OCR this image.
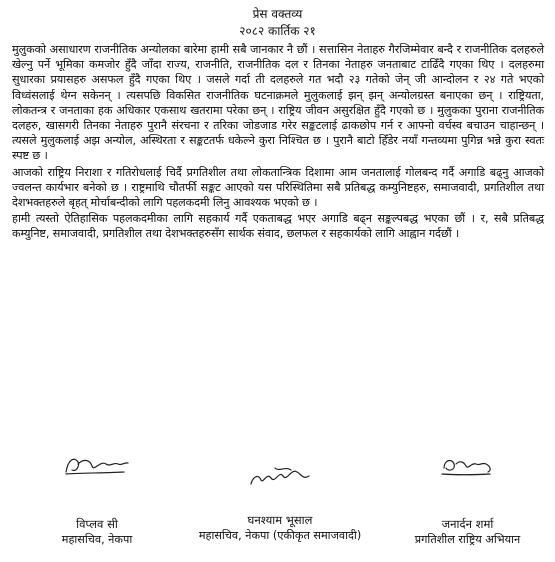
प्रेस वक्तव्य
२०८२ कार्तिक २१

मुलुकको असाधारण राजनीतिक अन्योलका बारेमा हामी सबै जानकार नै छौं । सत्तासिन नेताहरु गैरजिम्मेवार बन्दै र राजनीतिक दलहरुले खेल्नु पर्ने भूमिका कमजोर हुँदै जाँदा राज्य, राजनीति, राजनीतिक दल र तिनका नेताहरु जनताबाट टाढिँदै गएका थिए । दलहरुमा सुधारका प्रयासहरु असफल हुँदै गएका थिए । जसले गर्दा ती दलहरुले गत भदौ २३ गतेको जेन् जी आन्दोलन र २४ गते भएको विध्वंसलाई थेग्न सकेनन् । त्यसपछि विकसित राजनीतिक घटनाक्रमले मुलुकलाई झन् झन् अन्योलग्रस्त बनाएका छन् । राष्ट्रियता, लोकतन्त्र र जनताका हक अधिकार एकसाथ खतरामा परेका छन् । राष्ट्रिय जीवन असुरक्षित हुँदै गएको छ । मुलुकका पुराना राजनीतिक दलहरु, खासगरी तिनका नेताहरु पुरानै संरचना र तरिका जोडजाड गरेर सङ्कटलाई ढाकछोप गर्न र आफ्नो वर्चस्व बचाउन चाहान्छन् । त्यसले मुलुकलाई अझ अन्योल, अस्थिरता र सङ्कटतर्फ धकेल्ने कुरा निश्चित छ । पुरानै बाटो हिँडेर नयाँ गन्तव्यमा पुगिन्न भन्ने कुरा स्वतः स्पष्ट छ ।

आजको राष्ट्रिय निराशा र गतिरोधलाई चिर्दै प्रगतिशील तथा लोकतान्त्रिक दिशामा आम जनतालाई गोलबन्द गर्दै अगाडि बढ्नु आजको ज्वलन्त कार्यभार बनेको छ । राष्ट्रमाथि चौतर्फी सङ्कट आएको यस परिस्थितिमा सबै प्रतिबद्ध कम्युनिष्टहरु, समाजवादी, प्रगतिशील तथा देशभक्तहरुले बृहत् मोर्चाबन्दीको लागि पहलकदमी लिनु आवश्यक भएको छ ।

हामी त्यस्तो ऐतिहासिक पहलकदमीका लागि सहकार्य गर्दै एकताबद्ध भएर अगाडि बढ्न सङ्कल्पबद्ध भएका छौं । र, सबै प्रतिबद्ध कम्युनिष्ट, समाजवादी, प्रगतिशील तथा देशभक्तहरुसँग सार्थक संवाद, छलफल र सहकार्यको लागि आह्वान गर्दछौं ।

विप्लव सी
महासचिव, नेकपा
घनश्याम भूसाल
महासचिव, नेकपा (एकीकृत समाजवादी)
जनार्दन शर्मा
प्रगतिशील राष्ट्रिय अभियान
